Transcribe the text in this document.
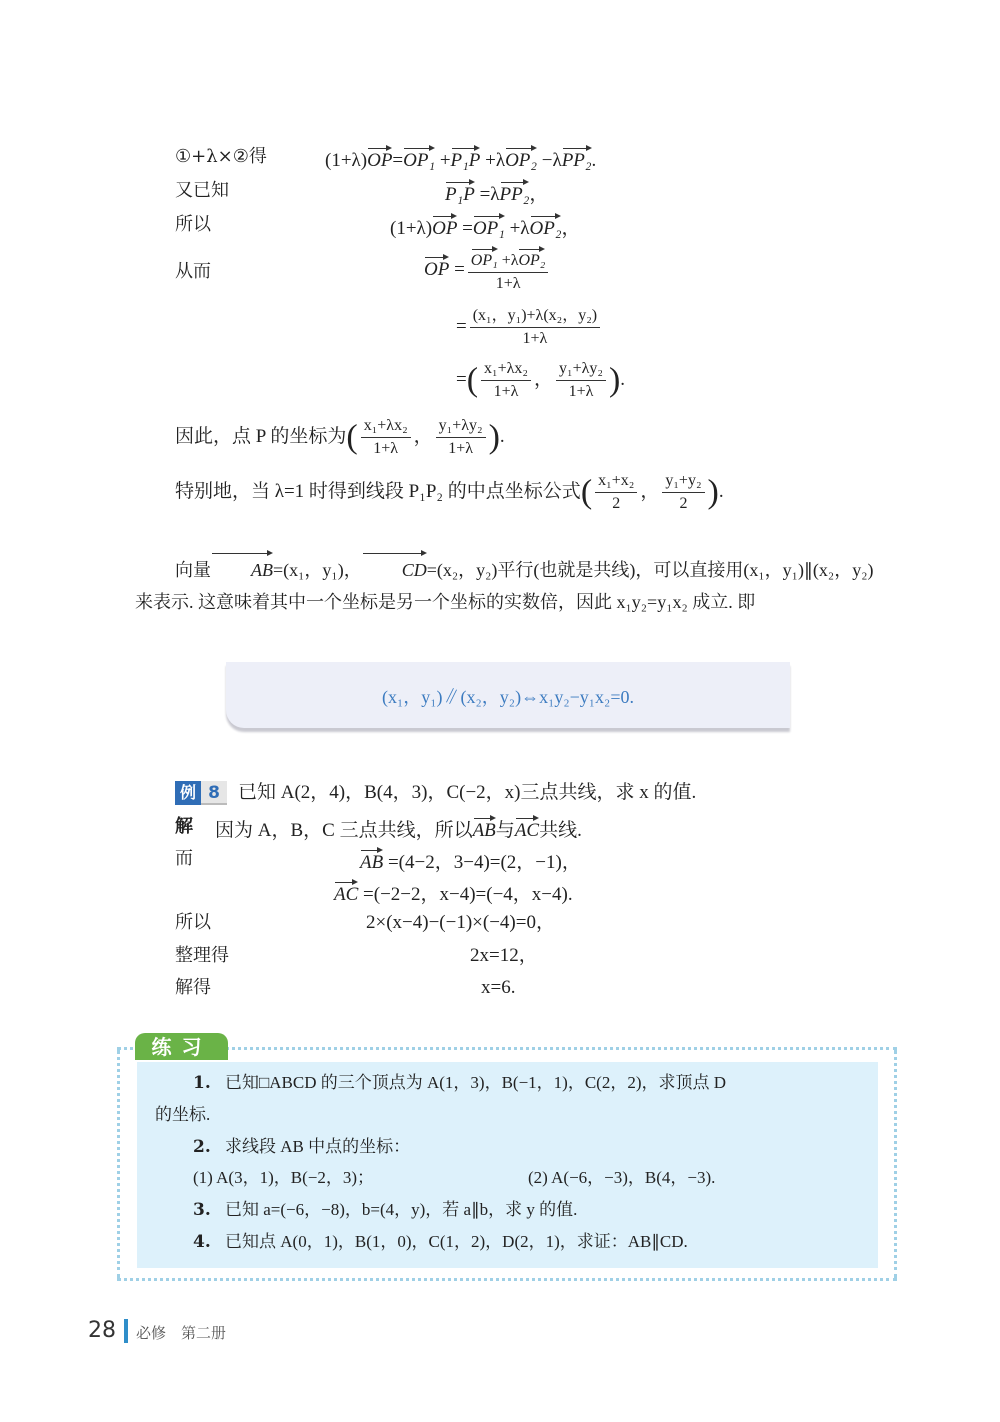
①+λ×②得	(1+λ)OP=OP₁ +P₁P +λOP₂ −λPP₂.
又已知	P₁P =λPP₂，
所以	(1+λ)OP =OP₁ +λOP₂，
从而	OP = $\frac{\text{OP₁ +λOP₂}}{1+\lambda}$
= $\frac{\text{(x₁，y₁)+λ(x₂，y₂)}}{1+\lambda}$
=( $\frac{\text{x₁+λx₂}}{1+\lambda}$ ， $\frac{\text{y₁+λy₂}}{1+\lambda}$ ).
因此，点 P 的坐标为( $\frac{\text{x₁+λx₂}}{1+\lambda}$ ， $\frac{\text{y₁+λy₂}}{1+\lambda}$ ).
特别地，当 λ=1 时得到线段 P₁P₂ 的中点坐标公式( $\frac{\text{x₁+x₂}}{2}$ ， $\frac{\text{y₁+y₂}}{2}$ ).
向量 AB=(x₁，y₁)， CD=(x₂，y₂)平行(也就是共线)，可以直接用(x₁，y₁)∥(x₂，y₂)来表示. 这意味着其中一个坐标是另一个坐标的实数倍，因此 x₁y₂=y₁x₂ 成立. 即
(x₁，y₁)∥(x₂，y₂)⇔x₁y₂−y₁x₂=0.
例 8 已知 A(2，4)，B(4，3)，C(−2，x)三点共线，求 x 的值.
解 因为 A，B，C 三点共线，所以AB与AC共线.
而	AB =(4−2，3−4)=(2，−1)，
AC =(−2−2，x−4)=(−4，x−4).
所以	2×(x−4)−(−1)×(−4)=0，
整理得	2x=12，
解得	x=6.
练习
1. 已知□ABCD 的三个顶点为 A(1，3)，B(−1，1)，C(2，2)，求顶点 D
的坐标.
2. 求线段 AB 中点的坐标：
(1) A(3，1)，B(−2，3)；	(2) A(−6，−3)，B(4，−3).
3. 已知 a=(−6，−8)，b=(4，y)，若 a∥b，求 y 的值.
4. 已知点 A(0，1)，B(1，0)，C(1，2)，D(2，1)，求证：AB∥CD.
28 必修　第二册
